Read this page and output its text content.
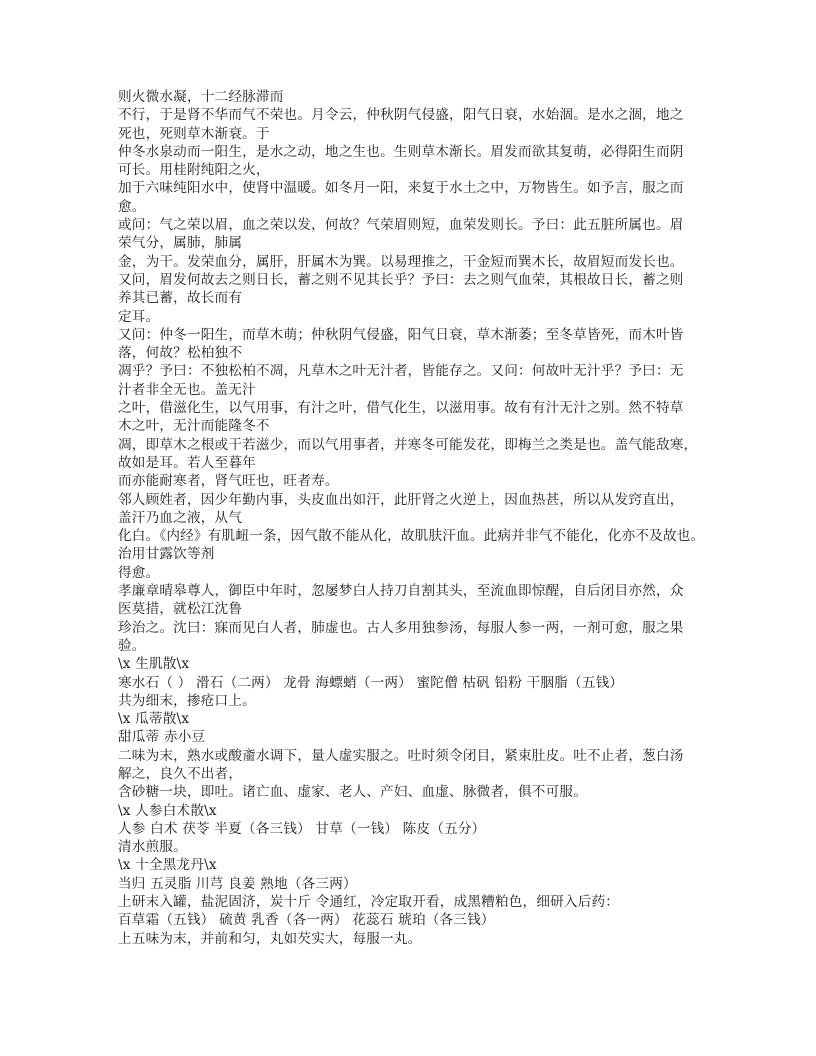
则火微水凝，十二经脉滞而
不行，于是肾不华而气不荣也。月令云，仲秋阴气侵盛，阳气日衰，水始涸。是水之涸，地之
死也，死则草木渐衰。于
仲冬水泉动而一阳生，是水之动，地之生也。生则草木渐长。眉发而欲其复萌，必得阳生而阴
可长。用桂附纯阳之火，
加于六味纯阳水中，使肾中温暖。如冬月一阳，来复于水土之中，万物皆生。如予言，服之而
愈。
或问：气之荣以眉，血之荣以发，何故？气荣眉则短，血荣发则长。予曰：此五脏所属也。眉
荣气分，属肺，肺属
金，为干。发荣血分，属肝，肝属木为巽。以易理推之，干金短而巽木长，故眉短而发长也。
又问，眉发何故去之则日长，蓄之则不见其长乎？予曰：去之则气血荣，其根故日长，蓄之则
养其已蓄，故长而有
定耳。
又问：仲冬一阳生，而草木萌；仲秋阴气侵盛，阳气日衰，草木渐萎；至冬草皆死，而木叶皆
落，何故？松柏独不
凋乎？予曰：不独松柏不凋，凡草木之叶无汁者，皆能存之。又问：何故叶无汁乎？予曰：无
汁者非全无也。盖无汁
之叶，借滋化生，以气用事，有汁之叶，借气化生，以滋用事。故有有汁无汁之别。然不特草
木之叶，无汁而能隆冬不
凋，即草木之根或干若滋少，而以气用事者，并寒冬可能发花，即梅兰之类是也。盖气能敌寒，
故如是耳。若人至暮年
而亦能耐寒者，肾气旺也，旺者寿。
邻人顾姓者，因少年勤内事，头皮血出如汗，此肝肾之火逆上，因血热甚，所以从发窍直出，
盖汗乃血之液，从气
化白。《内经》有肌衄一条，因气散不能从化，故肌肤汗血。此病并非气不能化，化亦不及故也。
治用甘露饮等剂
得愈。
孝廉章晴皋尊人，御臣中年时，忽屡梦白人持刀自割其头，至流血即惊醒，自后闭目亦然，众
医莫措，就松江沈鲁
珍治之。沈曰：寐而见白人者，肺虚也。古人多用独参汤，每服人参一两，一剂可愈，服之果
验。
\x 生肌散\x
寒水石（ ） 滑石（二两） 龙骨 海螵蛸（一两） 蜜陀僧 枯矾 铅粉 干胭脂（五钱）
共为细末，掺疮口上。
\x 瓜蒂散\x
甜瓜蒂 赤小豆
二味为末，熟水或酸齑水调下，量人虚实服之。吐时须令闭目，紧束肚皮。吐不止者，葱白汤
解之，良久不出者，
含砂糖一块，即吐。诸亡血、虚家、老人、产妇、血虚、脉微者，俱不可服。
\x 人参白术散\x
人参 白术 茯苓 半夏（各三钱） 甘草（一钱） 陈皮（五分）
清水煎服。
\x 十全黑龙丹\x
当归 五灵脂 川芎 良姜 熟地（各三两）
上研末入罐，盐泥固济，炭十斤 令通红，冷定取开看，成黑糟粕色，细研入后药：
百草霜（五钱） 硫黄 乳香（各一两） 花蕊石 琥珀（各三钱）
上五味为末，并前和匀，丸如芡实大，每服一丸。
